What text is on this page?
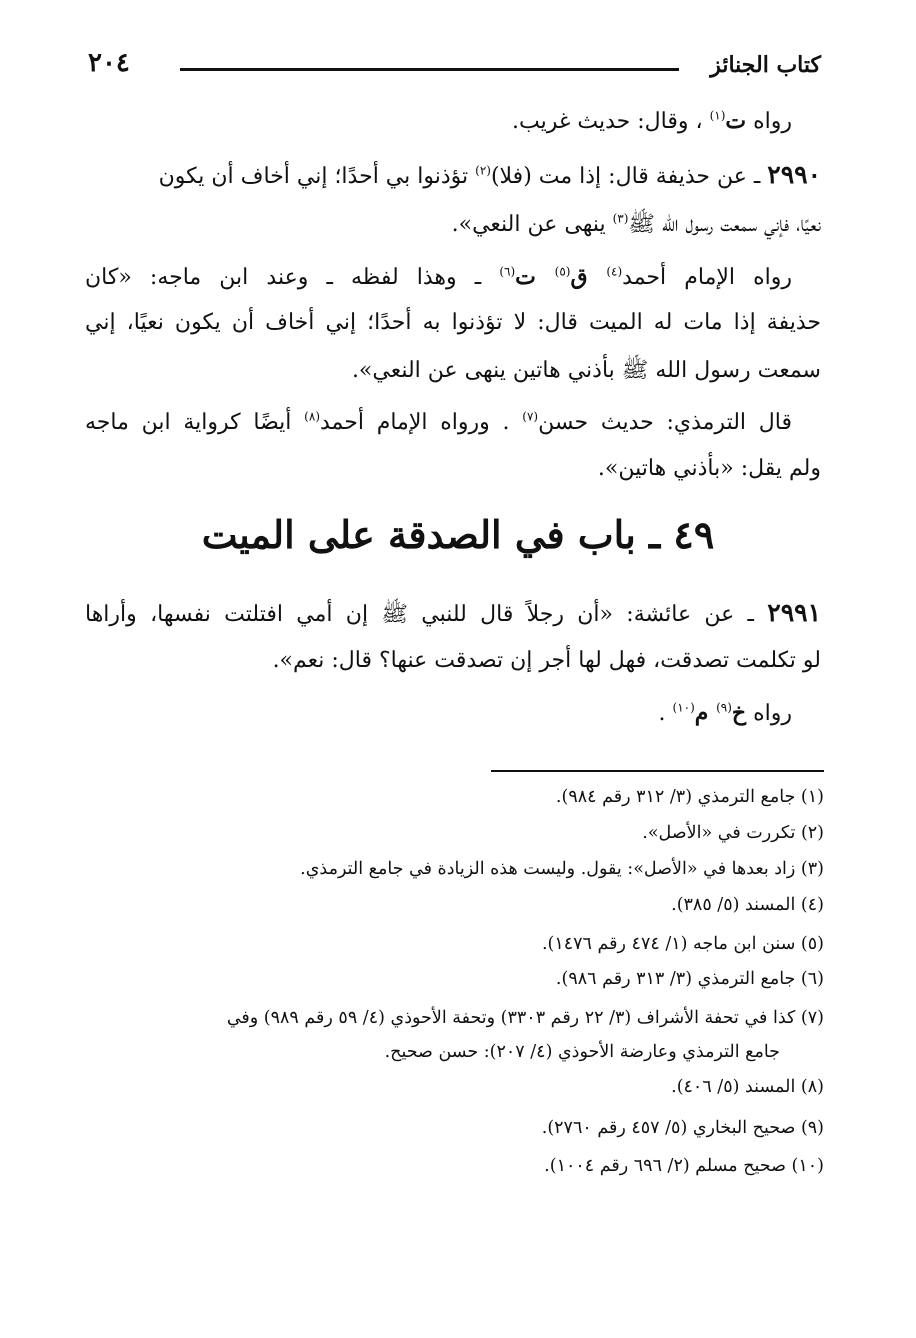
كتاب الجنائز
٢٠٤
رواه ت$^{(١)}$ ، وقال: حديث غريب.
٢٩٩٠ ـ عن حذيفة قال: إذا مت (فلا)$^{(٢)}$ تؤذنوا بي أحدًا؛ إني أخاف أن يكون
نعيًا، فإني سمعت رسول الله ﷺ$^{(٣)}$ ينهى عن النعي».
رواه الإمام أحمد$^{(٤)}$ ق$^{(٥)}$ ت$^{(٦)}$ ـ وهذا لفظه ـ وعند ابن ماجه: «كان
حذيفة إذا مات له الميت قال: لا تؤذنوا به أحدًا؛ إني أخاف أن يكون نعيًا، إني
سمعت رسول الله ﷺ بأذني هاتين ينهى عن النعي».
قال الترمذي: حديث حسن$^{(٧)}$ . ورواه الإمام أحمد$^{(٨)}$ أيضًا كرواية ابن ماجه
ولم يقل: «بأذني هاتين».
٤٩ ـ باب في الصدقة على الميت
٢٩٩١ ـ عن عائشة: «أن رجلاً قال للنبي ﷺ إن أمي افتلتت نفسها، وأراها
لو تكلمت تصدقت، فهل لها أجر إن تصدقت عنها؟ قال: نعم».
رواه خ$^{(٩)}$ م$^{(١٠)}$ .
(١) جامع الترمذي (٣/ ٣١٢ رقم ٩٨٤).
(٢) تكررت في «الأصل».
(٣) زاد بعدها في «الأصل»: يقول. وليست هذه الزيادة في جامع الترمذي.
(٤) المسند (٥/ ٣٨٥).
(٥) سنن ابن ماجه (١/ ٤٧٤ رقم ١٤٧٦).
(٦) جامع الترمذي (٣/ ٣١٣ رقم ٩٨٦).
(٧) كذا في تحفة الأشراف (٣/ ٢٢ رقم ٣٣٠٣) وتحفة الأحوذي (٤/ ٥٩ رقم ٩٨٩) وفي
جامع الترمذي وعارضة الأحوذي (٤/ ٢٠٧): حسن صحيح.
(٨) المسند (٥/ ٤٠٦).
(٩) صحيح البخاري (٥/ ٤٥٧ رقم ٢٧٦٠).
(١٠) صحيح مسلم (٢/ ٦٩٦ رقم ١٠٠٤).
